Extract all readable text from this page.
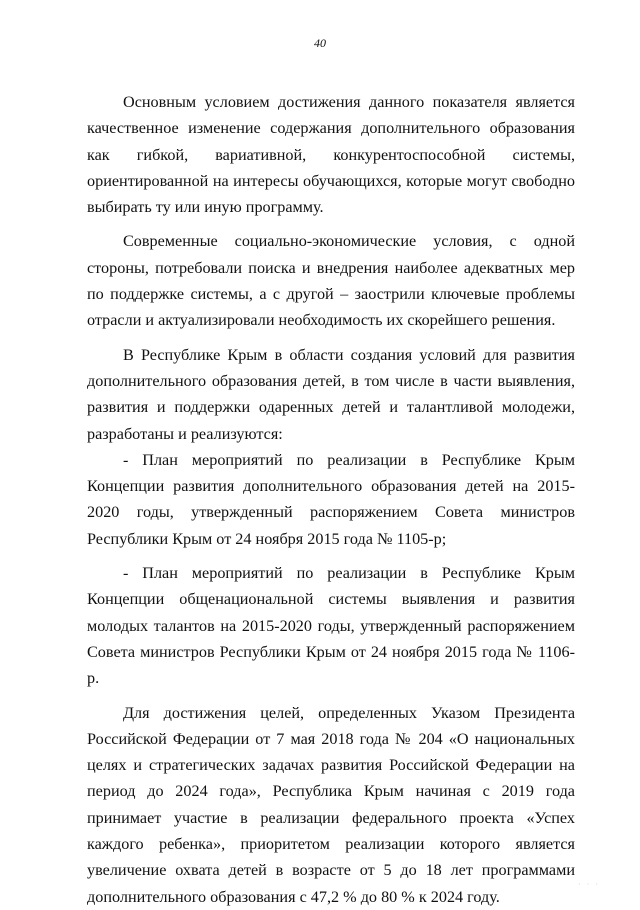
40

Основным условием достижения данного показателя является качественное изменение содержания дополнительного образования как гибкой, вариативной, конкурентоспособной системы, ориентированной на интересы обучающихся, которые могут свободно выбирать ту или иную программу.

Современные социально-экономические условия, с одной стороны, потребовали поиска и внедрения наиболее адекватных мер по поддержке системы, а с другой – заострили ключевые проблемы отрасли и актуализировали необходимость их скорейшего решения.

В Республике Крым в области создания условий для развития дополнительного образования детей, в том числе в части выявления, развития и поддержки одаренных детей и талантливой молодежи, разработаны и реализуются:

- План мероприятий по реализации в Республике Крым Концепции развития дополнительного образования детей на 2015-2020 годы, утвержденный распоряжением Совета министров Республики Крым от 24 ноября 2015 года № 1105-р;

- План мероприятий по реализации в Республике Крым Концепции общенациональной системы выявления и развития молодых талантов на 2015-2020 годы, утвержденный распоряжением Совета министров Республики Крым от 24 ноября 2015 года № 1106-р.

Для достижения целей, определенных Указом Президента Российской Федерации от 7 мая 2018 года № 204 «О национальных целях и стратегических задачах развития Российской Федерации на период до 2024 года», Республика Крым начиная с 2019 года принимает участие в реализации федерального проекта «Успех каждого ребенка», приоритетом реализации которого является увеличение охвата детей в возрасте от 5 до 18 лет программами дополнительного образования с 47,2 % до 80 % к 2024 году.

· · ·
